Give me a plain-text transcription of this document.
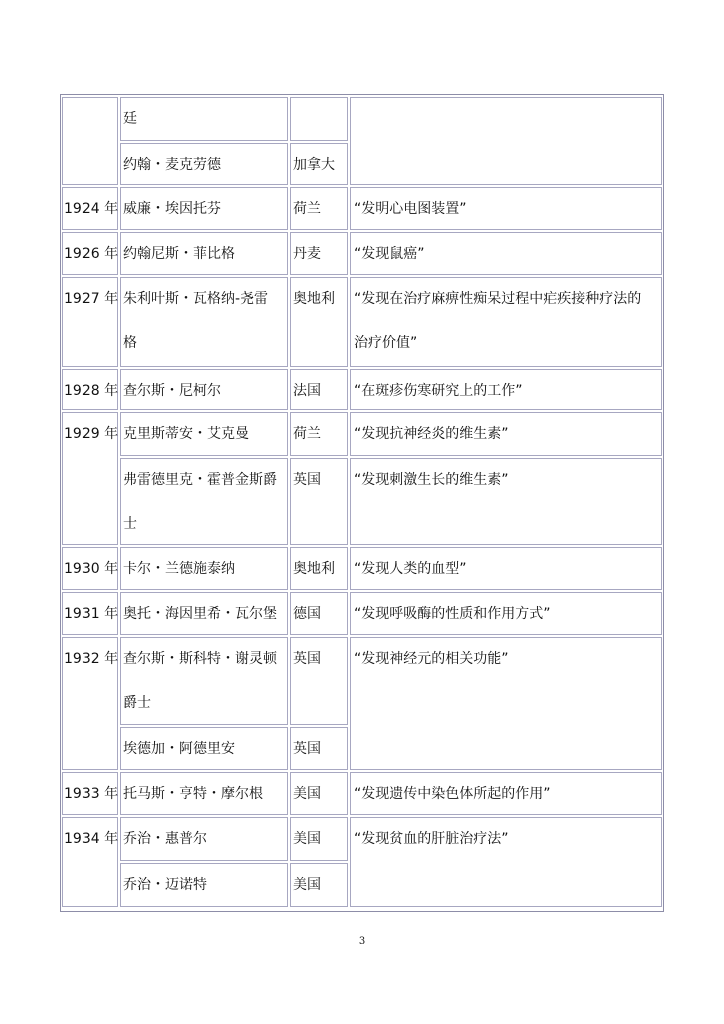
1924 年
1926 年
1927 年
1928 年
1929 年
1930 年
1931 年
1932 年
1933 年
1934 年
廷
约翰・麦克劳德
威廉・埃因托芬
约翰尼斯・菲比格
朱利叶斯・瓦格纳-尧雷
格
查尔斯・尼柯尔
克里斯蒂安・艾克曼
弗雷德里克・霍普金斯爵
士
卡尔・兰德施泰纳
奥托・海因里希・瓦尔堡
查尔斯・斯科特・谢灵顿
爵士
埃德加・阿德里安
托马斯・亨特・摩尔根
乔治・惠普尔
乔治・迈诺特
加拿大
荷兰
丹麦
奥地利
法国
荷兰
英国
奥地利
德国
英国
英国
美国
美国
美国
“发明心电图装置”
“发现鼠癌”
“发现在治疗麻痹性痴呆过程中疟疾接种疗法的
治疗价值”
“在斑疹伤寒研究上的工作”
“发现抗神经炎的维生素”
“发现刺激生长的维生素”
“发现人类的血型”
“发现呼吸酶的性质和作用方式”
“发现神经元的相关功能”
“发现遗传中染色体所起的作用”
“发现贫血的肝脏治疗法”
3
